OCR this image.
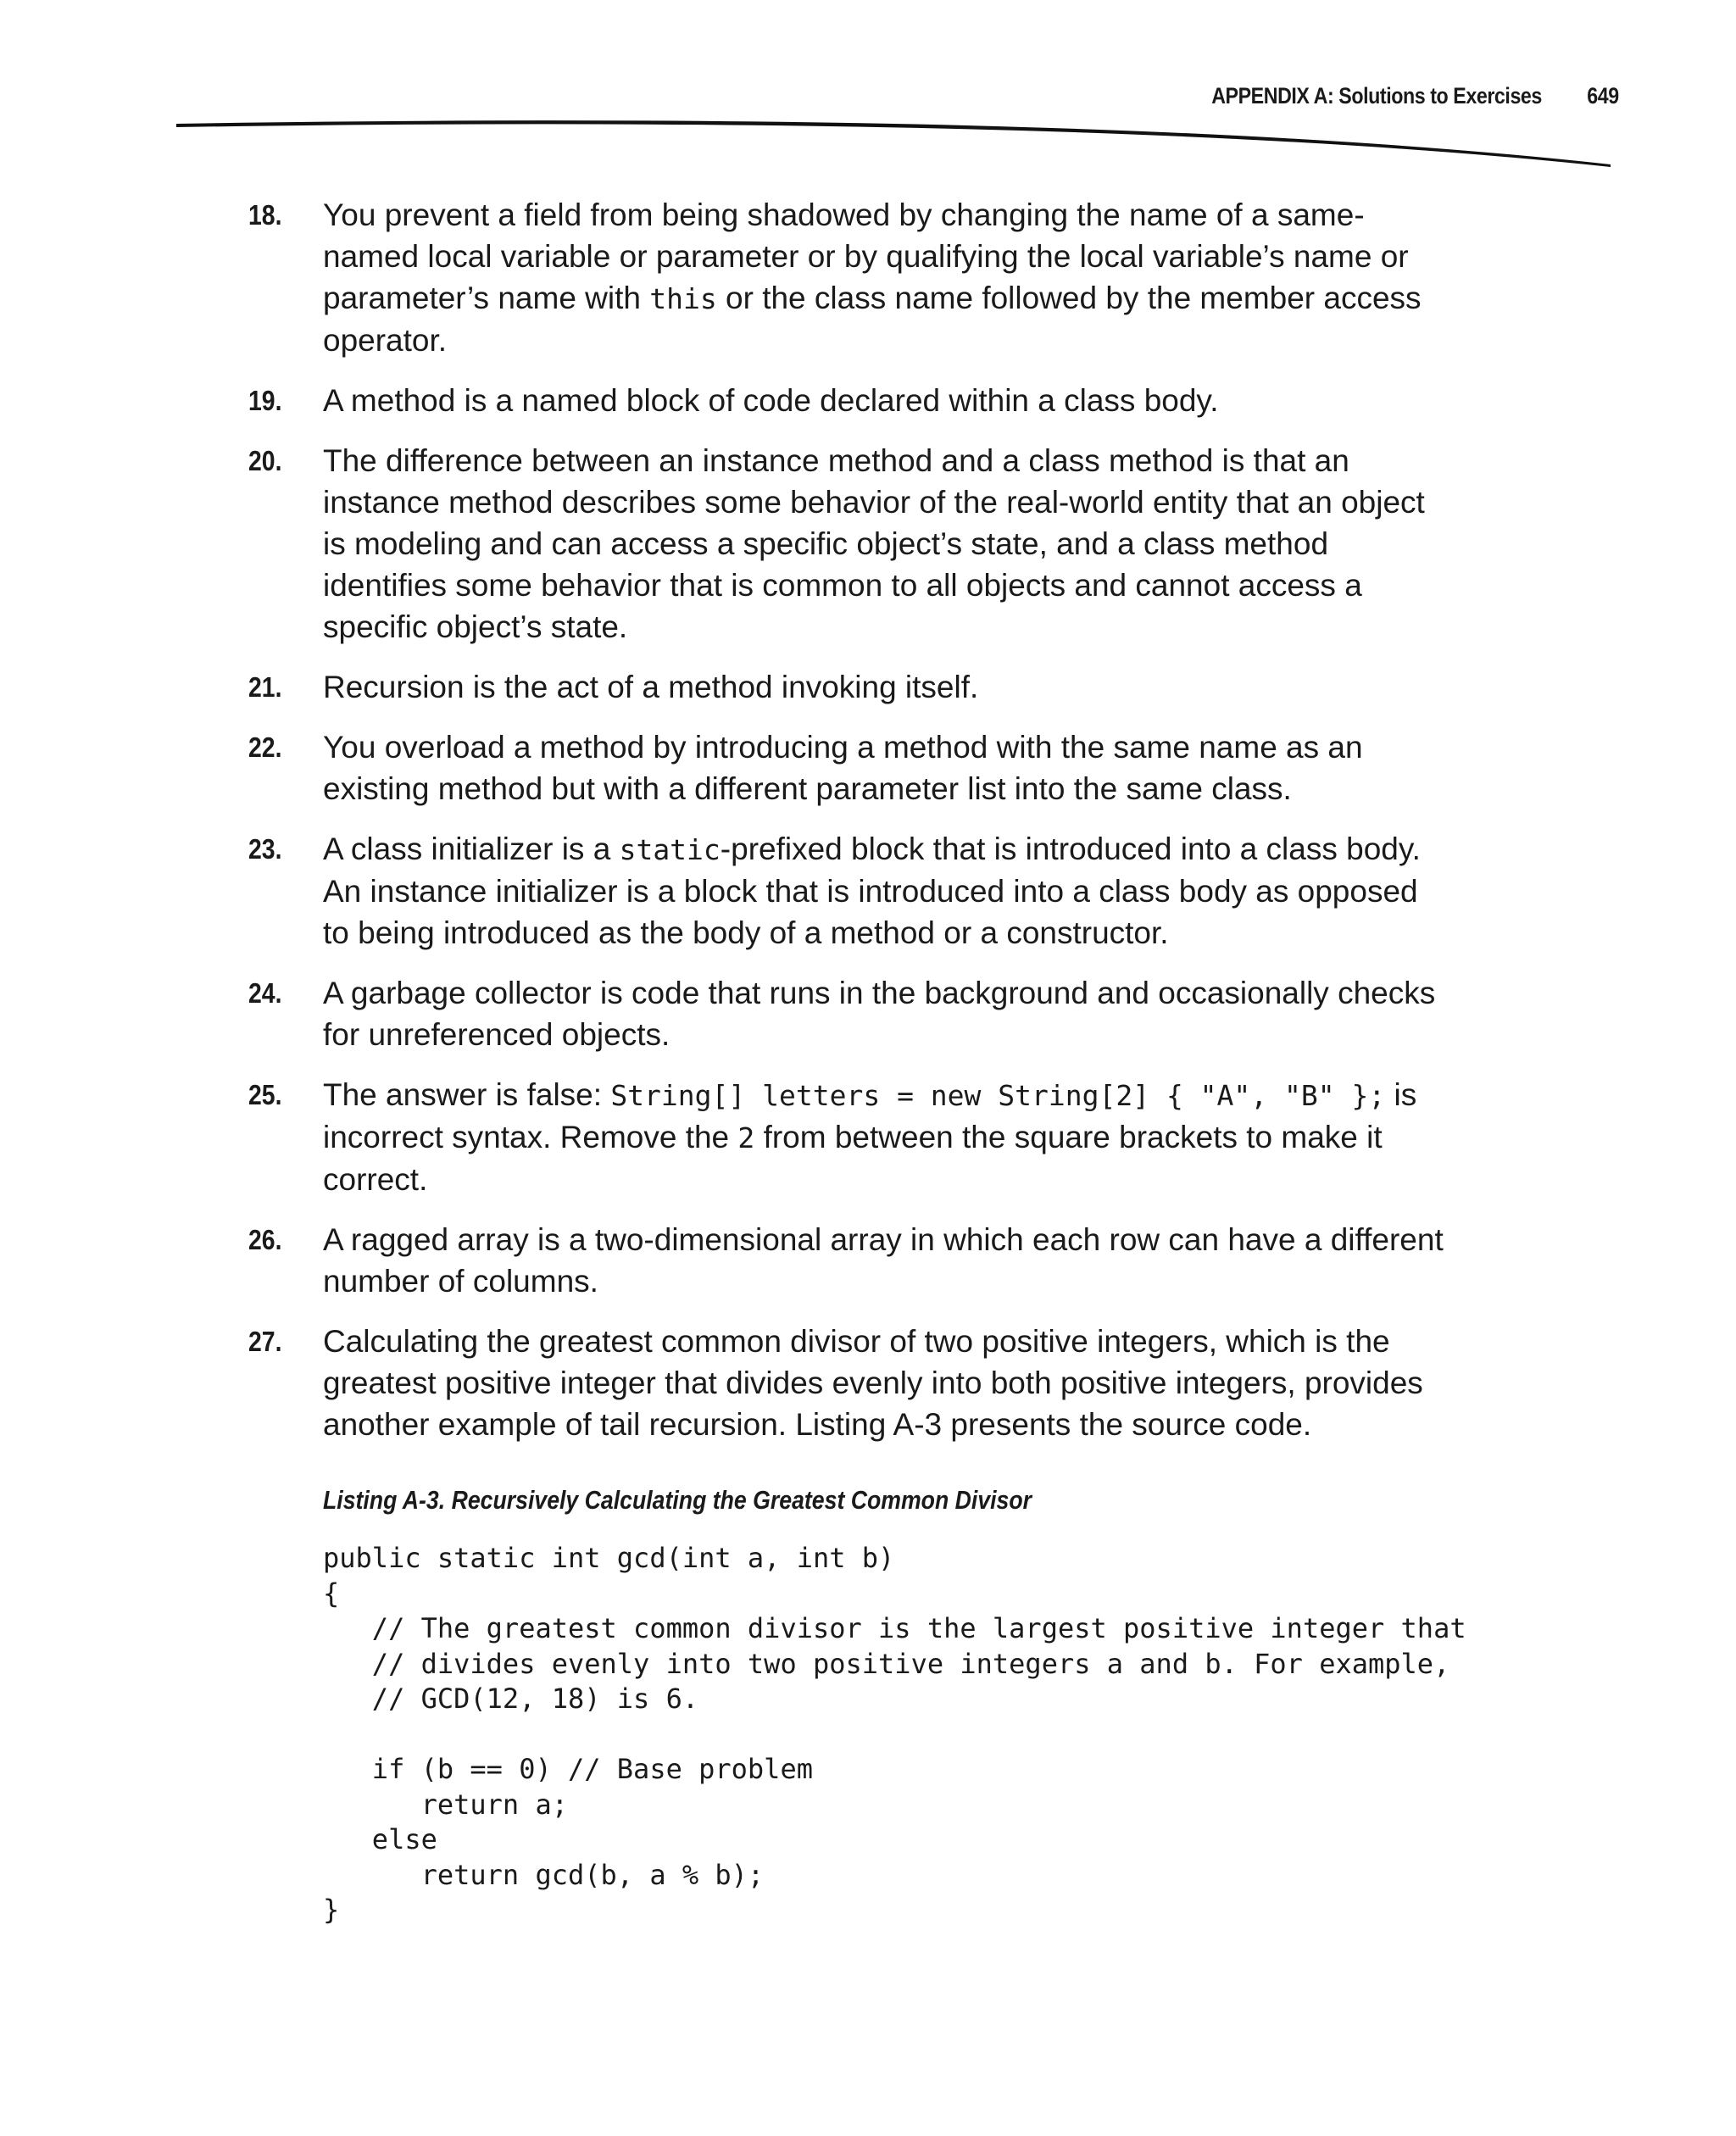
APPENDIX A: Solutions to Exercises 649
18.	You prevent a field from being shadowed by changing the name of a same-named local variable or parameter or by qualifying the local variable’s name or parameter’s name with this or the class name followed by the member access operator.
19.	A method is a named block of code declared within a class body.
20.	The difference between an instance method and a class method is that an instance method describes some behavior of the real-world entity that an object is modeling and can access a specific object’s state, and a class method identifies some behavior that is common to all objects and cannot access a specific object’s state.
21.	Recursion is the act of a method invoking itself.
22.	You overload a method by introducing a method with the same name as an existing method but with a different parameter list into the same class.
23.	A class initializer is a static-prefixed block that is introduced into a class body. An instance initializer is a block that is introduced into a class body as opposed to being introduced as the body of a method or a constructor.
24.	A garbage collector is code that runs in the background and occasionally checks for unreferenced objects.
25.	The answer is false: String[] letters = new String[2] { "A", "B" }; is incorrect syntax. Remove the 2 from between the square brackets to make it correct.
26.	A ragged array is a two-dimensional array in which each row can have a different number of columns.
27.	Calculating the greatest common divisor of two positive integers, which is the greatest positive integer that divides evenly into both positive integers, provides another example of tail recursion. Listing A-3 presents the source code.
Listing A-3. Recursively Calculating the Greatest Common Divisor
public static int gcd(int a, int b)
{
// The greatest common divisor is the largest positive integer that
// divides evenly into two positive integers a and b. For example,
// GCD(12, 18) is 6.
if (b == 0) // Base problem
return a;
else
return gcd(b, a % b);
}
